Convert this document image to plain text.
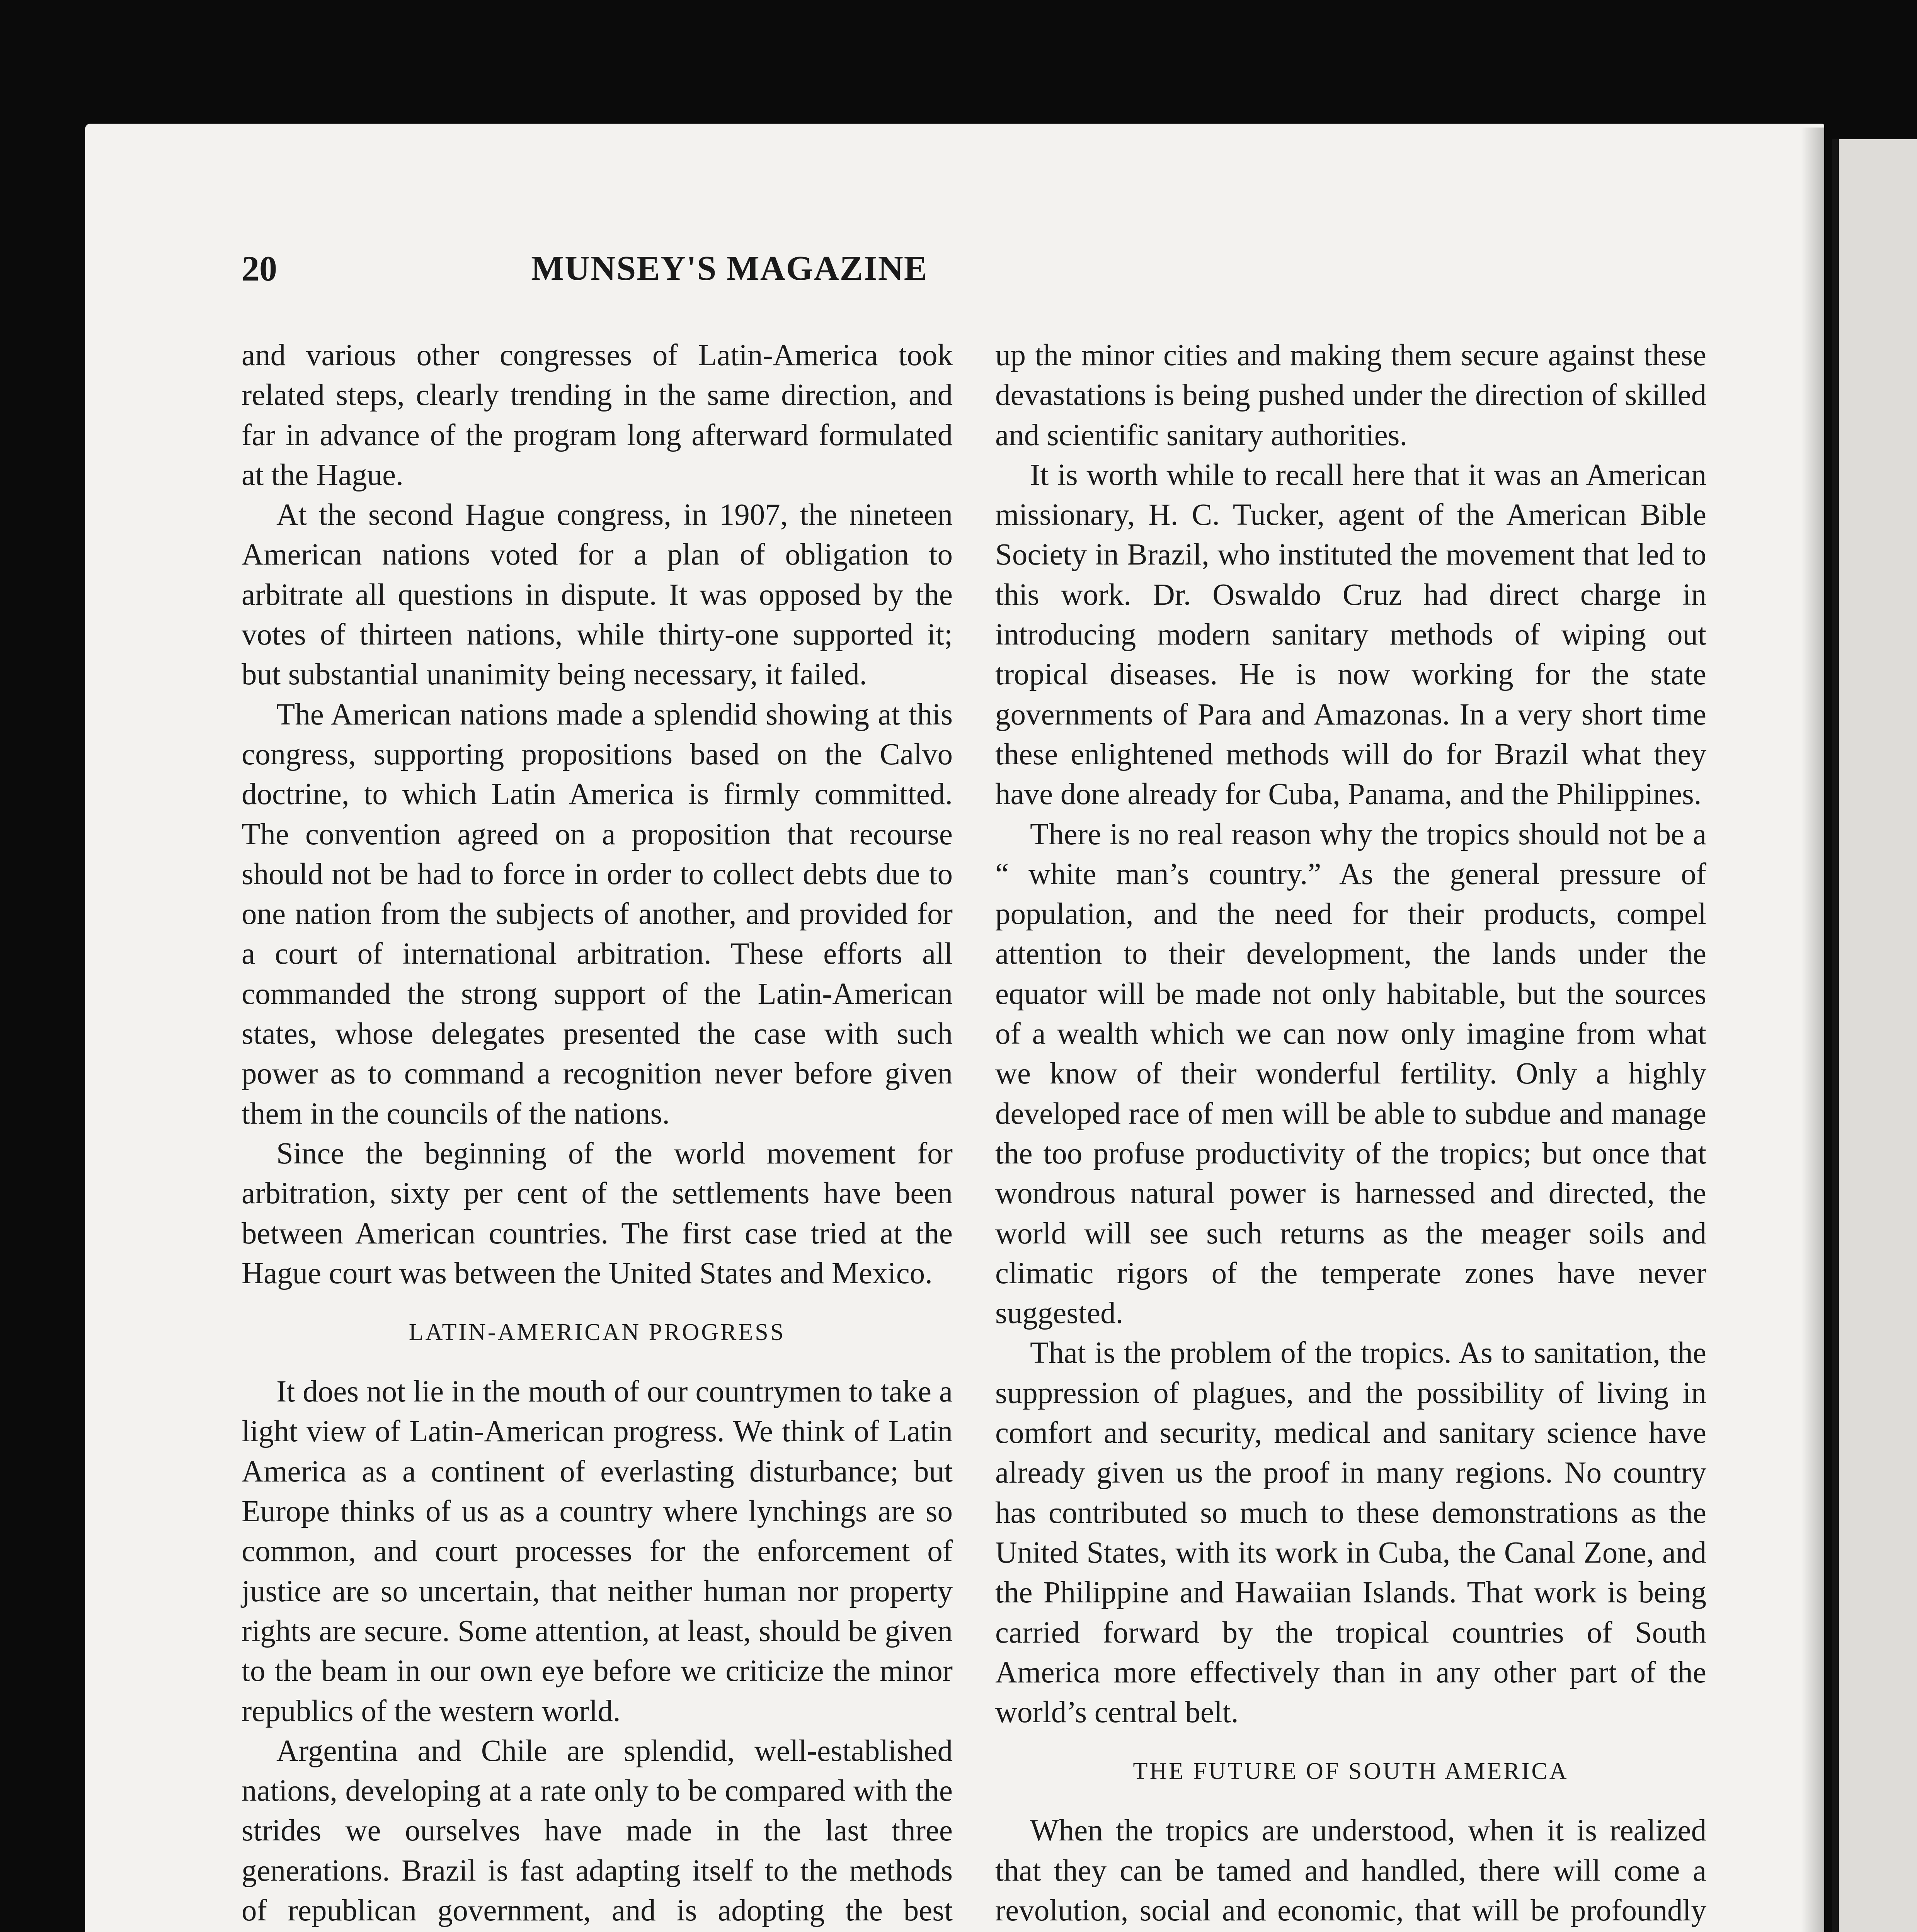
20	MUNSEY'S MAGAZINE

and various other congresses of Latin-America took related steps, clearly trending in the same direction, and far in advance of the program long afterward formulated at the Hague.

At the second Hague congress, in 1907, the nineteen American nations voted for a plan of obligation to arbitrate all questions in dispute. It was opposed by the votes of thirteen nations, while thirty-one supported it; but substantial unanimity being necessary, it failed.

The American nations made a splendid showing at this congress, supporting propositions based on the Calvo doctrine, to which Latin America is firmly committed. The convention agreed on a proposition that recourse should not be had to force in order to collect debts due to one nation from the subjects of another, and provided for a court of international arbitration. These efforts all commanded the strong support of the Latin-American states, whose delegates presented the case with such power as to command a recognition never before given them in the councils of the nations.

Since the beginning of the world movement for arbitration, sixty per cent of the settlements have been between American countries. The first case tried at the Hague court was between the United States and Mexico.

LATIN-AMERICAN PROGRESS

It does not lie in the mouth of our countrymen to take a light view of Latin-American progress. We think of Latin America as a continent of everlasting disturbance; but Europe thinks of us as a country where lynchings are so common, and court processes for the enforcement of justice are so uncertain, that neither human nor property rights are secure. Some attention, at least, should be given to the beam in our own eye before we criticize the minor republics of the western world.

Argentina and Chile are splendid, well-established nations, developing at a rate only to be compared with the strides we ourselves have made in the last three generations. Brazil is fast adapting itself to the methods of republican government, and is adopting the best

up the minor cities and making them secure against these devastations is being pushed under the direction of skilled and scientific sanitary authorities.

It is worth while to recall here that it was an American missionary, H. C. Tucker, agent of the American Bible Society in Brazil, who instituted the movement that led to this work. Dr. Oswaldo Cruz had direct charge in introducing modern sanitary methods of wiping out tropical diseases. He is now working for the state governments of Para and Amazonas. In a very short time these enlightened methods will do for Brazil what they have done already for Cuba, Panama, and the Philippines.

There is no real reason why the tropics should not be a “ white man’s country.” As the general pressure of population, and the need for their products, compel attention to their development, the lands under the equator will be made not only habitable, but the sources of a wealth which we can now only imagine from what we know of their wonderful fertility. Only a highly developed race of men will be able to subdue and manage the too profuse productivity of the tropics; but once that wondrous natural power is harnessed and directed, the world will see such returns as the meager soils and climatic rigors of the temperate zones have never suggested.

That is the problem of the tropics. As to sanitation, the suppression of plagues, and the possibility of living in comfort and security, medical and sanitary science have already given us the proof in many regions. No country has contributed so much to these demonstrations as the United States, with its work in Cuba, the Canal Zone, and the Philippine and Hawaiian Islands. That work is being carried forward by the tropical countries of South America more effectively than in any other part of the world’s central belt.

THE FUTURE OF SOUTH AMERICA

When the tropics are understood, when it is realized that they can be tamed and handled, there will come a revolution, social and economic, that will be profoundly
